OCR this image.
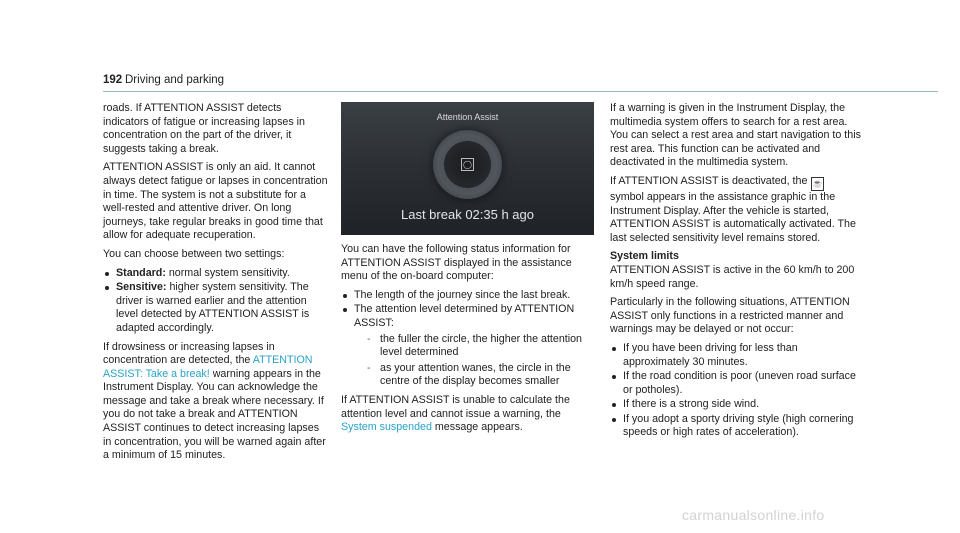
192 Driving and parking

roads. If ATTENTION ASSIST detects indicators of fatigue or increasing lapses in concentration on the part of the driver, it suggests taking a break.

ATTENTION ASSIST is only an aid. It cannot always detect fatigue or lapses in concentration in time. The system is not a substitute for a well-rested and attentive driver. On long journeys, take regular breaks in good time that allow for adequate recuperation.

You can choose between two settings:

Standard: normal system sensitivity.
Sensitive: higher system sensitivity. The driver is warned earlier and the attention level detected by ATTENTION ASSIST is adapted accordingly.

If drowsiness or increasing lapses in concentration are detected, the ATTENTION ASSIST: Take a break! warning appears in the Instrument Display. You can acknowledge the message and take a break where necessary. If you do not take a break and ATTENTION ASSIST continues to detect increasing lapses in concentration, you will be warned again after a minimum of 15 minutes.

Attention Assist
◯
Last break 02:35 h ago

You can have the following status information for ATTENTION ASSIST displayed in the assistance menu of the on-board computer:

The length of the journey since the last break.
The attention level determined by ATTENTION ASSIST:
- the fuller the circle, the higher the attention level determined
- as your attention wanes, the circle in the centre of the display becomes smaller

If ATTENTION ASSIST is unable to calculate the attention level and cannot issue a warning, the System suspended message appears.

If a warning is given in the Instrument Display, the multimedia system offers to search for a rest area. You can select a rest area and start navigation to this rest area. This function can be activated and deactivated in the multimedia system.

If ATTENTION ASSIST is deactivated, the ☕ symbol appears in the assistance graphic in the Instrument Display. After the vehicle is started, ATTENTION ASSIST is automatically activated. The last selected sensitivity level remains stored.

System limits

ATTENTION ASSIST is active in the 60 km/h to 200 km/h speed range.

Particularly in the following situations, ATTENTION ASSIST only functions in a restricted manner and warnings may be delayed or not occur:

If you have been driving for less than approximately 30 minutes.
If the road condition is poor (uneven road surface or potholes).
If there is a strong side wind.
If you adopt a sporty driving style (high cornering speeds or high rates of acceleration).
carmanualsonline.info
